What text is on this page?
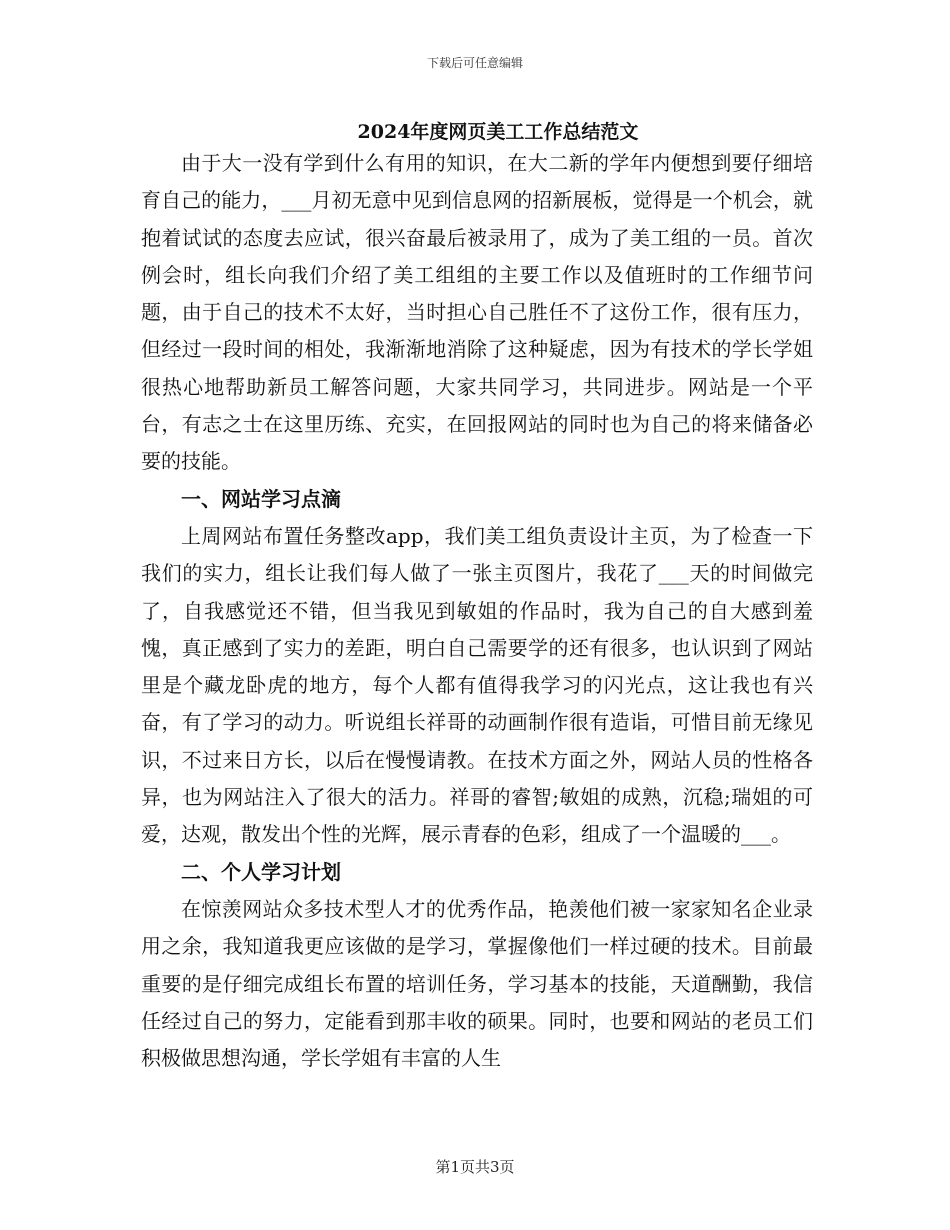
下载后可任意编辑
2024年度网页美工工作总结范文

由于大一没有学到什么有用的知识，在大二新的学年内便想到要仔细培育自己的能力，___月初无意中见到信息网的招新展板，觉得是一个机会，就抱着试试的态度去应试，很兴奋最后被录用了，成为了美工组的一员。首次例会时，组长向我们介绍了美工组组的主要工作以及值班时的工作细节问题，由于自己的技术不太好，当时担心自己胜任不了这份工作，很有压力，但经过一段时间的相处，我渐渐地消除了这种疑虑，因为有技术的学长学姐很热心地帮助新员工解答问题，大家共同学习，共同进步。网站是一个平台，有志之士在这里历练、充实，在回报网站的同时也为自己的将来储备必要的技能。

一、网站学习点滴

上周网站布置任务整改app，我们美工组负责设计主页，为了检查一下我们的实力，组长让我们每人做了一张主页图片，我花了___天的时间做完了，自我感觉还不错，但当我见到敏姐的作品时，我为自己的自大感到羞愧，真正感到了实力的差距，明白自己需要学的还有很多，也认识到了网站里是个藏龙卧虎的地方，每个人都有值得我学习的闪光点，这让我也有兴奋，有了学习的动力。听说组长祥哥的动画制作很有造诣，可惜目前无缘见识，不过来日方长，以后在慢慢请教。在技术方面之外，网站人员的性格各异，也为网站注入了很大的活力。祥哥的睿智;敏姐的成熟，沉稳;瑞姐的可爱，达观，散发出个性的光辉，展示青春的色彩，组成了一个温暖的___。

二、个人学习计划

在惊羡网站众多技术型人才的优秀作品，艳羡他们被一家家知名企业录用之余，我知道我更应该做的是学习，掌握像他们一样过硬的技术。目前最重要的是仔细完成组长布置的培训任务，学习基本的技能，天道酬勤，我信任经过自己的努力，定能看到那丰收的硕果。同时，也要和网站的老员工们积极做思想沟通，学长学姐有丰富的人生

第1页共3页
